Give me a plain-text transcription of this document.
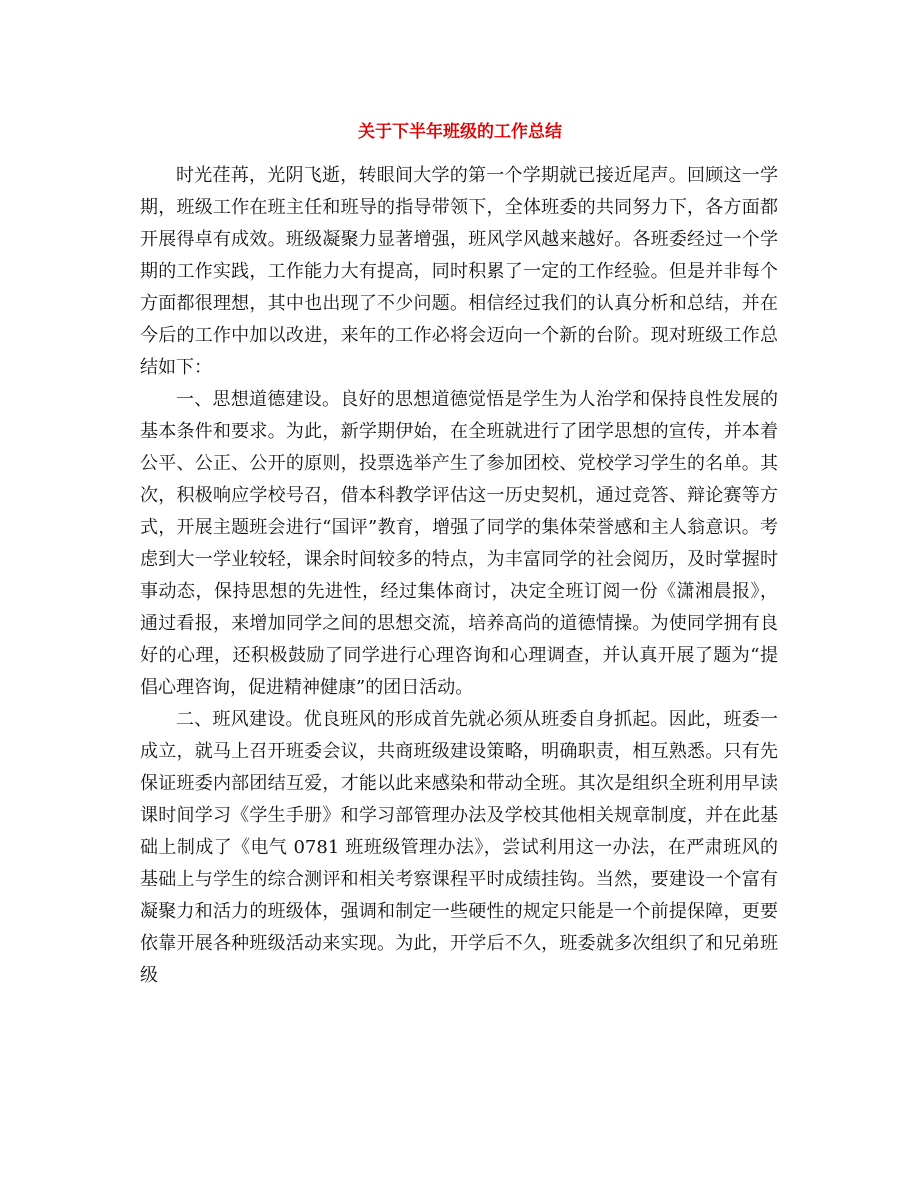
关于下半年班级的工作总结

时光荏苒，光阴飞逝，转眼间大学的第一个学期就已接近尾声。回顾这一学期，班级工作在班主任和班导的指导带领下，全体班委的共同努力下，各方面都开展得卓有成效。班级凝聚力显著增强，班风学风越来越好。各班委经过一个学期的工作实践，工作能力大有提高，同时积累了一定的工作经验。但是并非每个方面都很理想，其中也出现了不少问题。相信经过我们的认真分析和总结，并在今后的工作中加以改进，来年的工作必将会迈向一个新的台阶。现对班级工作总结如下：

一、思想道德建设。良好的思想道德觉悟是学生为人治学和保持良性发展的基本条件和要求。为此，新学期伊始，在全班就进行了团学思想的宣传，并本着公平、公正、公开的原则，投票选举产生了参加团校、党校学习学生的名单。其次，积极响应学校号召，借本科教学评估这一历史契机，通过竞答、辩论赛等方式，开展主题班会进行“国评”教育，增强了同学的集体荣誉感和主人翁意识。考虑到大一学业较轻，课余时间较多的特点，为丰富同学的社会阅历，及时掌握时事动态，保持思想的先进性，经过集体商讨，决定全班订阅一份《潇湘晨报》，通过看报，来增加同学之间的思想交流，培养高尚的道德情操。为使同学拥有良好的心理，还积极鼓励了同学进行心理咨询和心理调查，并认真开展了题为“提倡心理咨询，促进精神健康”的团日活动。

二、班风建设。优良班风的形成首先就必须从班委自身抓起。因此，班委一成立，就马上召开班委会议，共商班级建设策略，明确职责，相互熟悉。只有先保证班委内部团结互爱，才能以此来感染和带动全班。其次是组织全班利用早读课时间学习《学生手册》和学习部管理办法及学校其他相关规章制度，并在此基础上制成了《电气 0781 班班级管理办法》，尝试利用这一办法，在严肃班风的基础上与学生的综合测评和相关考察课程平时成绩挂钩。当然，要建设一个富有凝聚力和活力的班级体，强调和制定一些硬性的规定只能是一个前提保障，更要依靠开展各种班级活动来实现。为此，开学后不久，班委就多次组织了和兄弟班级
